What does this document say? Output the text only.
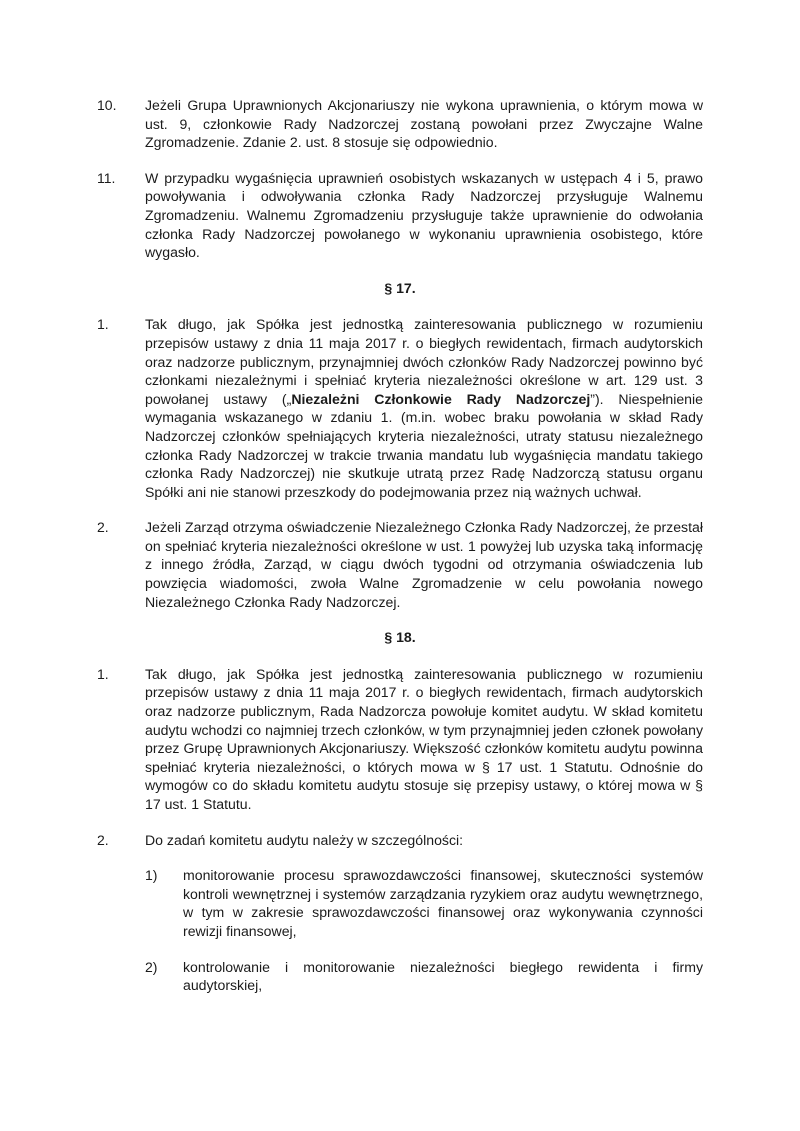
10.	Jeżeli Grupa Uprawnionych Akcjonariuszy nie wykona uprawnienia, o którym mowa w ust. 9, członkowie Rady Nadzorczej zostaną powołani przez Zwyczajne Walne Zgromadzenie. Zdanie 2. ust. 8 stosuje się odpowiednio.
11.	W przypadku wygaśnięcia uprawnień osobistych wskazanych w ustępach 4 i 5, prawo powoływania i odwoływania członka Rady Nadzorczej przysługuje Walnemu Zgromadzeniu. Walnemu Zgromadzeniu przysługuje także uprawnienie do odwołania członka Rady Nadzorczej powołanego w wykonaniu uprawnienia osobistego, które wygasło.
§ 17.
1.	Tak długo, jak Spółka jest jednostką zainteresowania publicznego w rozumieniu przepisów ustawy z dnia 11 maja 2017 r. o biegłych rewidentach, firmach audytorskich oraz nadzorze publicznym, przynajmniej dwóch członków Rady Nadzorczej powinno być członkami niezależnymi i spełniać kryteria niezależności określone w art. 129 ust. 3 powołanej ustawy („Niezależni Członkowie Rady Nadzorczej”). Niespełnienie wymagania wskazanego w zdaniu 1. (m.in. wobec braku powołania w skład Rady Nadzorczej członków spełniających kryteria niezależności, utraty statusu niezależnego członka Rady Nadzorczej w trakcie trwania mandatu lub wygaśnięcia mandatu takiego członka Rady Nadzorczej) nie skutkuje utratą przez Radę Nadzorczą statusu organu Spółki ani nie stanowi przeszkody do podejmowania przez nią ważnych uchwał.
2.	Jeżeli Zarząd otrzyma oświadczenie Niezależnego Członka Rady Nadzorczej, że przestał on spełniać kryteria niezależności określone w ust. 1 powyżej lub uzyska taką informację z innego źródła, Zarząd, w ciągu dwóch tygodni od otrzymania oświadczenia lub powzięcia wiadomości, zwoła Walne Zgromadzenie w celu powołania nowego Niezależnego Członka Rady Nadzorczej.
§ 18.
1.	Tak długo, jak Spółka jest jednostką zainteresowania publicznego w rozumieniu przepisów ustawy z dnia 11 maja 2017 r. o biegłych rewidentach, firmach audytorskich oraz nadzorze publicznym, Rada Nadzorcza powołuje komitet audytu. W skład komitetu audytu wchodzi co najmniej trzech członków, w tym przynajmniej jeden członek powołany przez Grupę Uprawnionych Akcjonariuszy. Większość członków komitetu audytu powinna spełniać kryteria niezależności, o których mowa w § 17 ust. 1 Statutu. Odnośnie do wymogów co do składu komitetu audytu stosuje się przepisy ustawy, o której mowa w § 17 ust. 1 Statutu.
2.	Do zadań komitetu audytu należy w szczególności:
1)	monitorowanie procesu sprawozdawczości finansowej, skuteczności systemów kontroli wewnętrznej i systemów zarządzania ryzykiem oraz audytu wewnętrznego, w tym w zakresie sprawozdawczości finansowej oraz wykonywania czynności rewizji finansowej,
2)	kontrolowanie i monitorowanie niezależności biegłego rewidenta i firmy audytorskiej,
